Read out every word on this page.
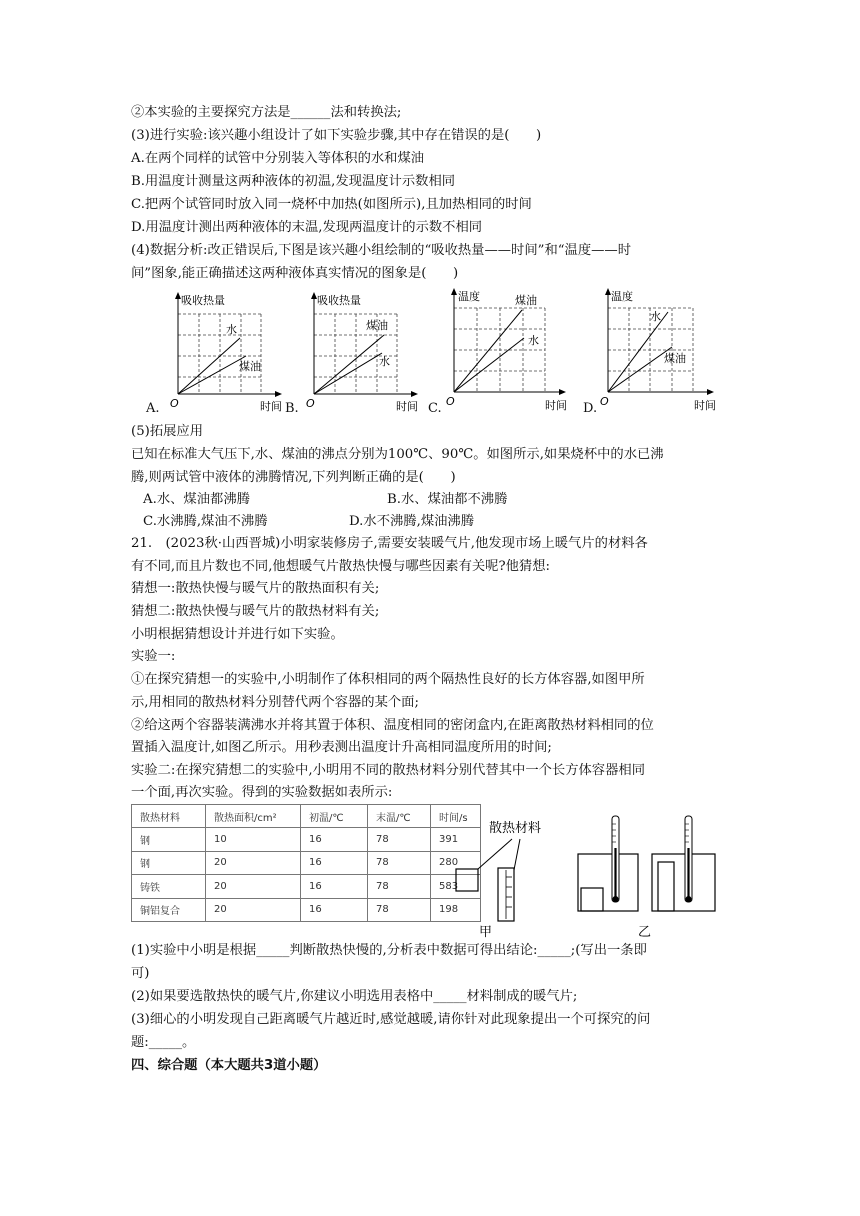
②本实验的主要探究方法是______法和转换法;
(3)进行实验:该兴趣小组设计了如下实验步骤,其中存在错误的是(　　)
A.在两个同样的试管中分别装入等体积的水和煤油
B.用温度计测量这两种液体的初温,发现温度计示数相同
C.把两个试管同时放入同一烧杯中加热(如图所示),且加热相同的时间
D.用温度计测出两种液体的末温,发现两温度计的示数不相同
(4)数据分析:改正错误后,下图是该兴趣小组绘制的“吸收热量——时间”和“温度——时
间”图象,能正确描述这两种液体真实情况的图象是(　　)
吸收热量
水
煤油
O	时间
A.
吸收热量
煤油
水
O	时间
B.
温度	煤油
水
O	时间
C.
温度
水
煤油
O	时间
D.
(5)拓展应用
已知在标准大气压下,水、煤油的沸点分别为100℃、90℃。如图所示,如果烧杯中的水已沸
腾,则两试管中液体的沸腾情况,下列判断正确的是(　　)
A.水、煤油都沸腾	B.水、煤油都不沸腾
C.水沸腾,煤油不沸腾	D.水不沸腾,煤油沸腾
21.　(2023秋·山西晋城)小明家装修房子,需要安装暖气片,他发现市场上暖气片的材料各
有不同,而且片数也不同,他想暖气片散热快慢与哪些因素有关呢?他猜想:
猜想一:散热快慢与暖气片的散热面积有关;
猜想二:散热快慢与暖气片的散热材料有关;
小明根据猜想设计并进行如下实验。
实验一:
①在探究猜想一的实验中,小明制作了体积相同的两个隔热性良好的长方体容器,如图甲所
示,用相同的散热材料分别替代两个容器的某个面;
②给这两个容器装满沸水并将其置于体积、温度相同的密闭盒内,在距离散热材料相同的位
置插入温度计,如图乙所示。用秒表测出温度计升高相同温度所用的时间;
实验二:在探究猜想二的实验中,小明用不同的散热材料分别代替其中一个长方体容器相同
一个面,再次实验。得到的实验数据如表所示:
散热材料	散热面积/cm²	初温/℃	末温/℃	时间/s
钢	10	16	78	391
钢	20	16	78	280
铸铁	20	16	78	583
铜铝复合	20	16	78	198
散热材料
甲	乙
(1)实验中小明是根据_____判断散热快慢的,分析表中数据可得出结论:_____;(写出一条即
可)
(2)如果要选散热快的暖气片,你建议小明选用表格中_____材料制成的暖气片;
(3)细心的小明发现自己距离暖气片越近时,感觉越暖,请你针对此现象提出一个可探究的问
题:_____。
四、综合题（本大题共3道小题）
